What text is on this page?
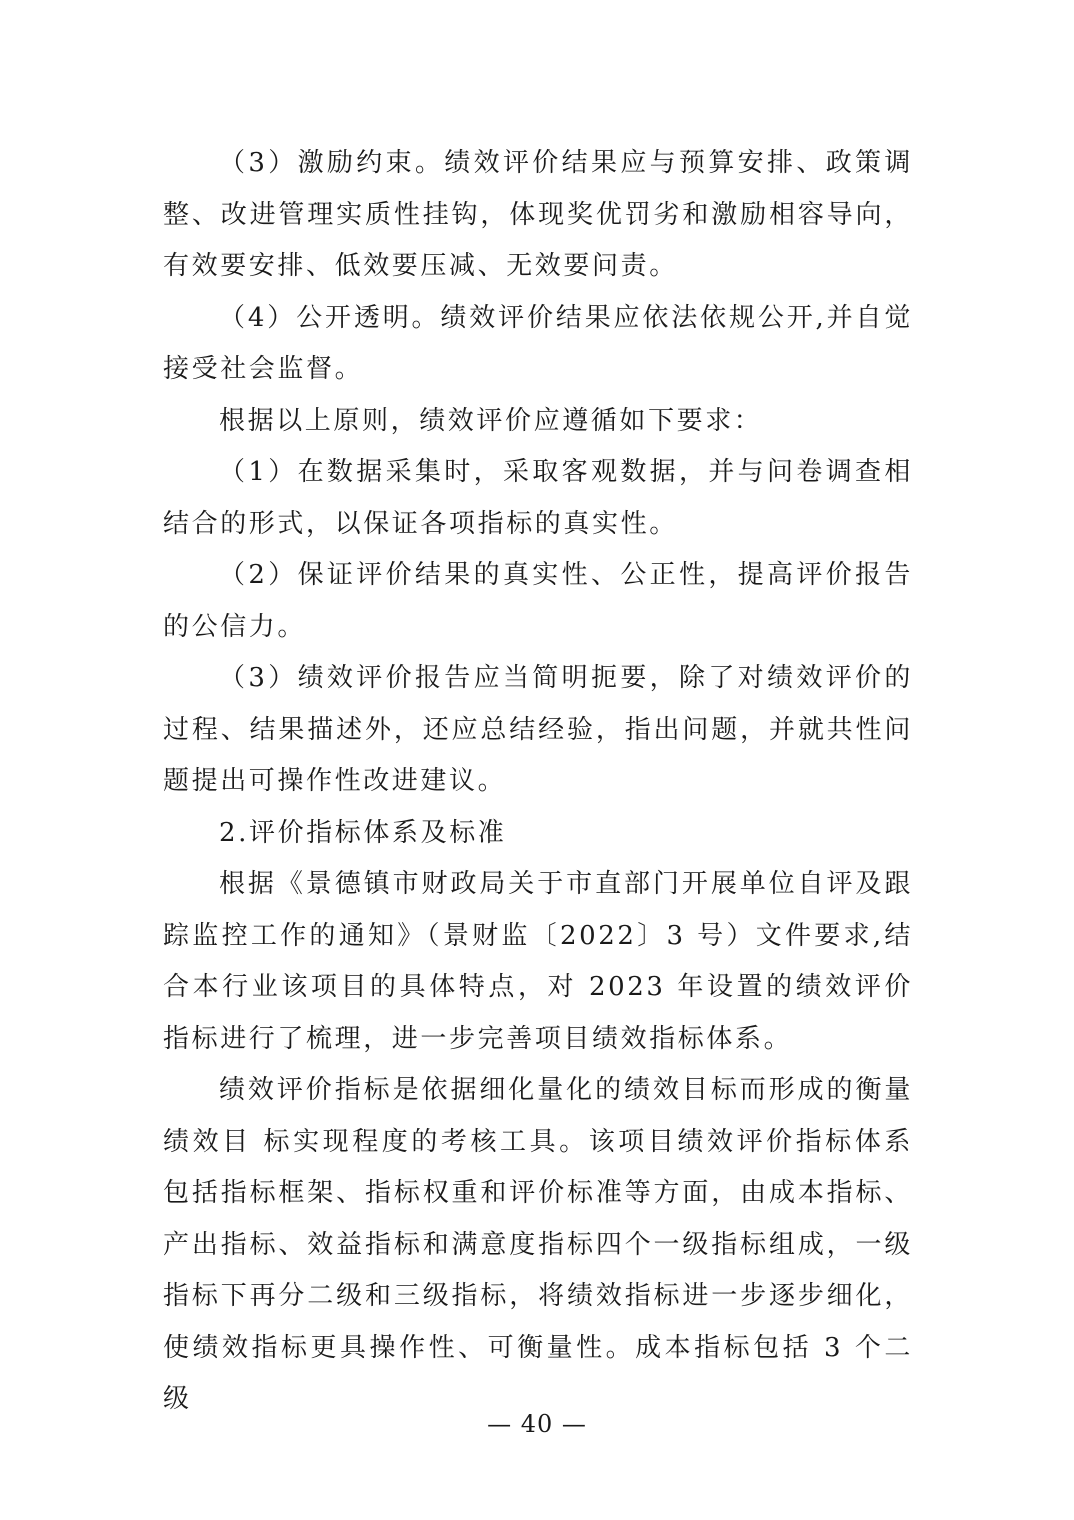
（3）激励约束。绩效评价结果应与预算安排、政策调整、改进管理实质性挂钩，体现奖优罚劣和激励相容导向，有效要安排、低效要压减、无效要问责。

（4）公开透明。绩效评价结果应依法依规公开,并自觉接受社会监督。

根据以上原则，绩效评价应遵循如下要求：

（1）在数据采集时，采取客观数据，并与问卷调查相结合的形式，以保证各项指标的真实性。

（2）保证评价结果的真实性、公正性，提高评价报告的公信力。

（3）绩效评价报告应当简明扼要，除了对绩效评价的过程、结果描述外，还应总结经验，指出问题，并就共性问题提出可操作性改进建议。

2.评价指标体系及标准

根据《景德镇市财政局关于市直部门开展单位自评及跟踪监控工作的通知》（景财监〔2022〕3 号）文件要求,结合本行业该项目的具体特点，对 2023 年设置的绩效评价指标进行了梳理，进一步完善项目绩效指标体系。

绩效评价指标是依据细化量化的绩效目标而形成的衡量绩效目 标实现程度的考核工具。该项目绩效评价指标体系包括指标框架、指标权重和评价标准等方面，由成本指标、产出指标、效益指标和满意度指标四个一级指标组成，一级指标下再分二级和三级指标，将绩效指标进一步逐步细化，使绩效指标更具操作性、可衡量性。成本指标包括 3 个二级

— 40 —
